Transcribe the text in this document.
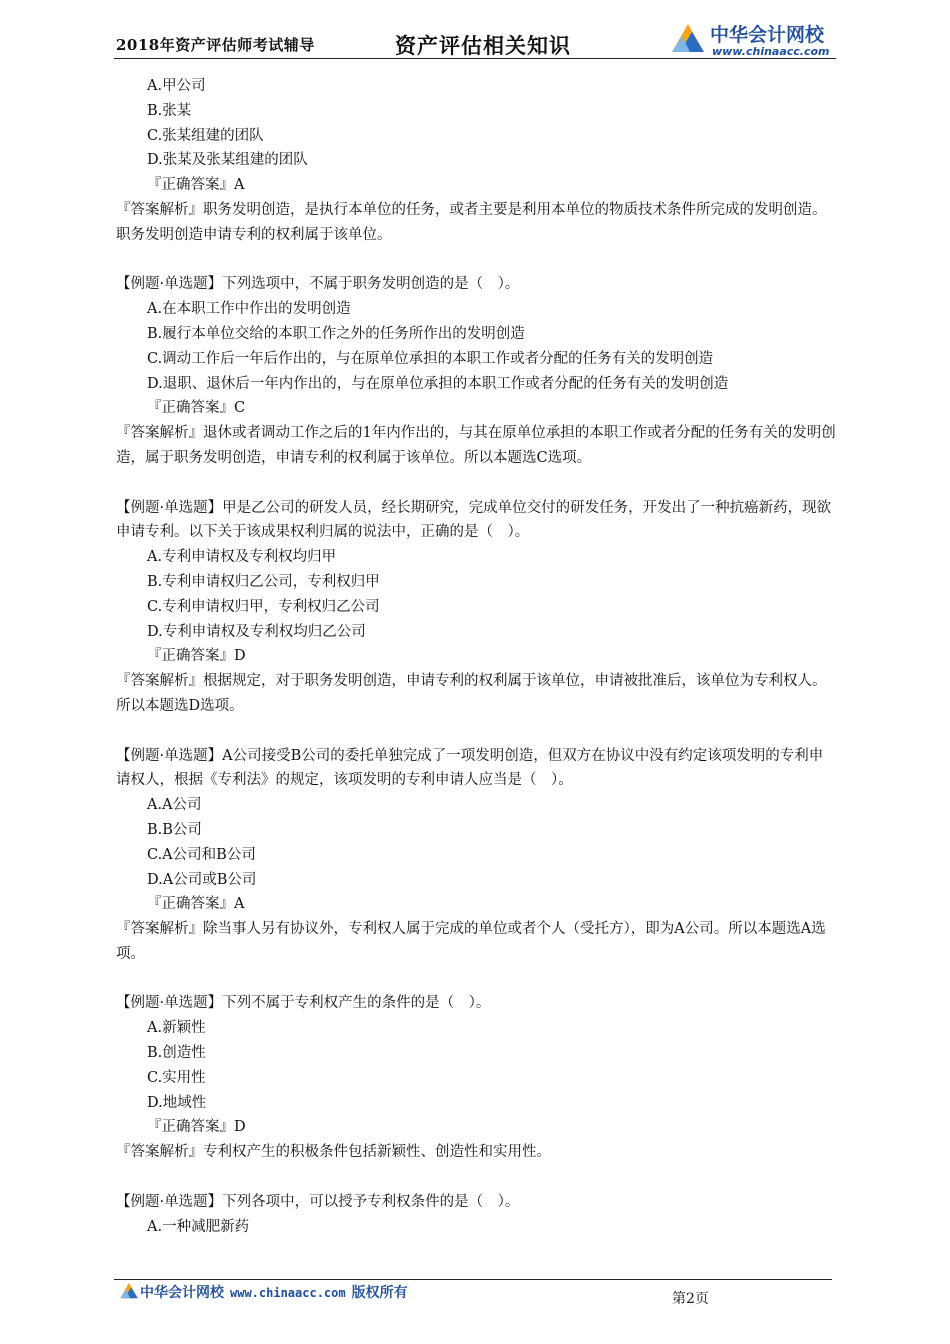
2018年资产评估师考试辅导	资产评估相关知识	中华会计网校
www.chinaacc.com
A.甲公司
B.张某
C.张某组建的团队
D.张某及张某组建的团队
『正确答案』A
『答案解析』职务发明创造，是执行本单位的任务，或者主要是利用本单位的物质技术条件所完成的发明创造。职务发明创造申请专利的权利属于该单位。
【例题·单选题】下列选项中，不属于职务发明创造的是（　）。
A.在本职工作中作出的发明创造
B.履行本单位交给的本职工作之外的任务所作出的发明创造
C.调动工作后一年后作出的，与在原单位承担的本职工作或者分配的任务有关的发明创造
D.退职、退休后一年内作出的，与在原单位承担的本职工作或者分配的任务有关的发明创造
『正确答案』C
『答案解析』退休或者调动工作之后的1年内作出的，与其在原单位承担的本职工作或者分配的任务有关的发明创造，属于职务发明创造，申请专利的权利属于该单位。所以本题选C选项。
【例题·单选题】甲是乙公司的研发人员，经长期研究，完成单位交付的研发任务，开发出了一种抗癌新药，现欲申请专利。以下关于该成果权利归属的说法中，正确的是（　）。
A.专利申请权及专利权均归甲
B.专利申请权归乙公司，专利权归甲
C.专利申请权归甲，专利权归乙公司
D.专利申请权及专利权均归乙公司
『正确答案』D
『答案解析』根据规定，对于职务发明创造，申请专利的权利属于该单位，申请被批准后，该单位为专利权人。所以本题选D选项。
【例题·单选题】A公司接受B公司的委托单独完成了一项发明创造，但双方在协议中没有约定该项发明的专利申请权人，根据《专利法》的规定，该项发明的专利申请人应当是（　）。
A.A公司
B.B公司
C.A公司和B公司
D.A公司或B公司
『正确答案』A
『答案解析』除当事人另有协议外，专利权人属于完成的单位或者个人（受托方），即为A公司。所以本题选A选项。
【例题·单选题】下列不属于专利权产生的条件的是（　）。
A.新颖性
B.创造性
C.实用性
D.地域性
『正确答案』D
『答案解析』专利权产生的积极条件包括新颖性、创造性和实用性。
【例题·单选题】下列各项中，可以授予专利权条件的是（　）。
A.一种减肥新药
中华会计网校 www.chinaacc.com 版权所有	第2页
